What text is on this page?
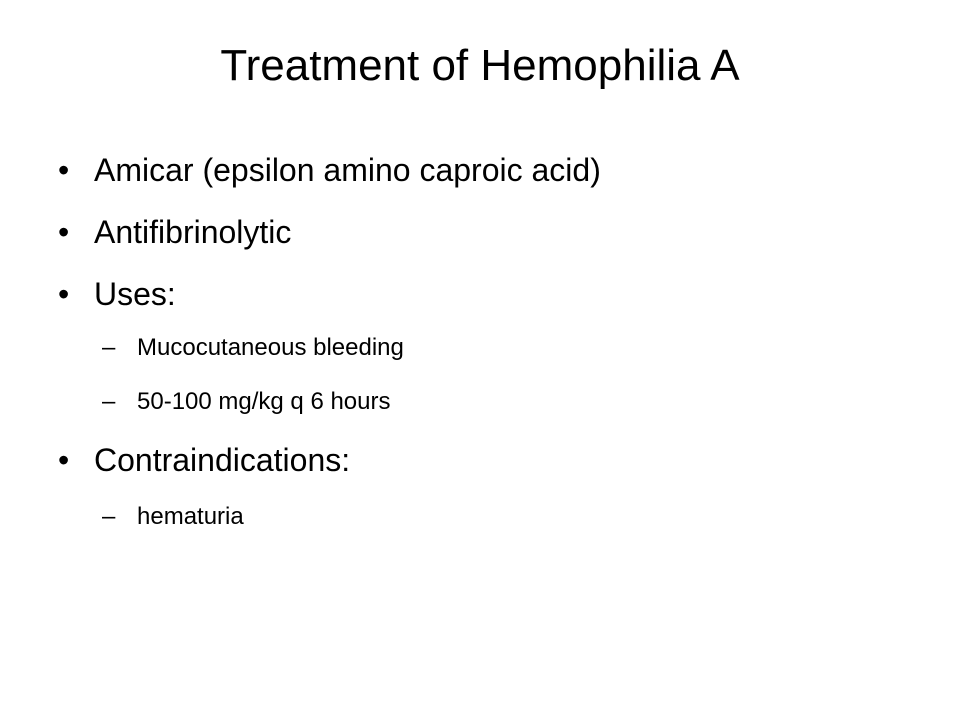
Treatment of Hemophilia A
• Amicar (epsilon amino caproic acid)
• Antifibrinolytic
• Uses:
– Mucocutaneous bleeding
– 50-100 mg/kg q 6 hours
• Contraindications:
– hematuria
